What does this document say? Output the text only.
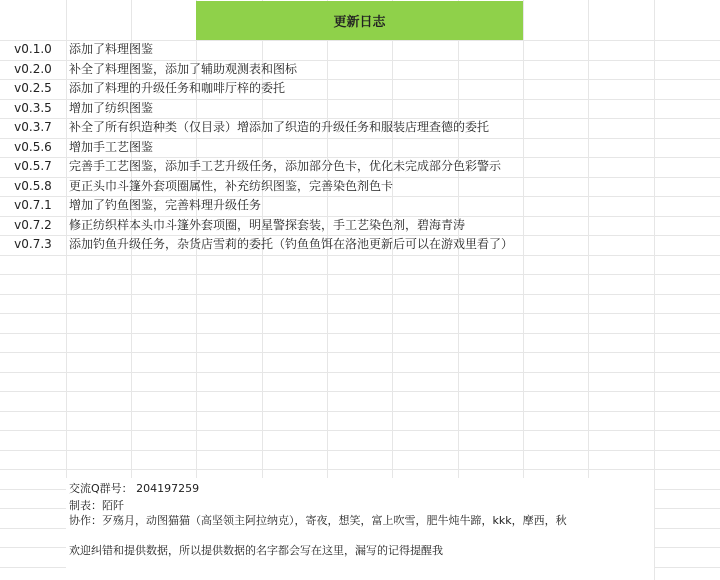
更新日志
v0.1.0	添加了料理图鉴
v0.2.0	补全了料理图鉴，添加了辅助观测表和图标
v0.2.5	添加了料理的升级任务和咖啡厅梓的委托
v0.3.5	增加了纺织图鉴
v0.3.7	补全了所有织造种类（仅目录）增添加了织造的升级任务和服装店理查德的委托
v0.5.6	增加手工艺图鉴
v0.5.7	完善手工艺图鉴，添加手工艺升级任务，添加部分色卡，优化未完成部分色彩警示
v0.5.8	更正头巾斗篷外套项圈属性，补充纺织图鉴，完善染色剂色卡
v0.7.1	增加了钓鱼图鉴，完善料理升级任务
v0.7.2	修正纺织样本头巾斗篷外套项圈，明星警探套装，手工艺染色剂，碧海青涛
v0.7.3	添加钓鱼升级任务，杂货店雪莉的委托（钓鱼鱼饵在洛池更新后可以在游戏里看了）
交流Q群号： 204197259
制表：陌阡
协作：歹殇月，动图猫猫（高坚领主阿拉纳克），寄夜，想笑，富上吹雪，肥牛炖牛蹄，kkk，摩西，秋
欢迎纠错和提供数据，所以提供数据的名字都会写在这里，漏写的记得提醒我
